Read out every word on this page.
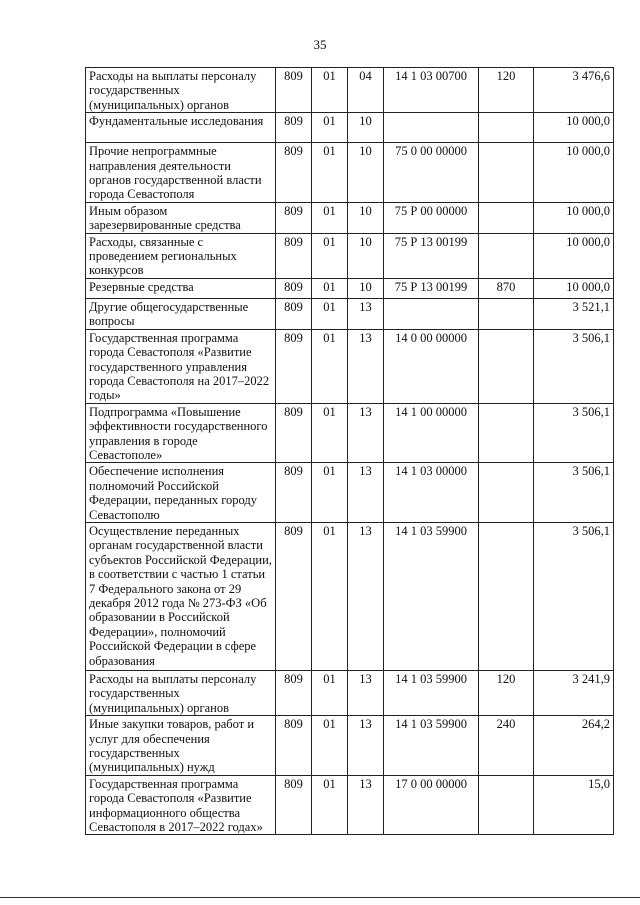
35
Расходы на выплаты персоналу государственных (муниципальных) органов	809	01	04	14 1 03 00700	120	3 476,6
Фундаментальные исследования	809	01	10			10 000,0
Прочие непрограммные направления деятельности органов государственной власти города Севастополя	809	01	10	75 0 00 00000		10 000,0
Иным образом зарезервированные средства	809	01	10	75 Р 00 00000		10 000,0
Расходы, связанные с проведением региональных конкурсов	809	01	10	75 Р 13 00199		10 000,0
Резервные средства	809	01	10	75 Р 13 00199	870	10 000,0
Другие общегосударственные вопросы	809	01	13			3 521,1
Государственная программа города Севастополя «Развитие государственного управления города Севастополя на 2017–2022 годы»	809	01	13	14 0 00 00000		3 506,1
Подпрограмма «Повышение эффективности государственного управления в городе Севастополе»	809	01	13	14 1 00 00000		3 506,1
Обеспечение исполнения полномочий Российской Федерации, переданных городу Севастополю	809	01	13	14 1 03 00000		3 506,1
Осуществление переданных органам государственной власти субъектов Российской Федерации, в соответствии с частью 1 статьи 7 Федерального закона от 29 декабря 2012 года № 273-ФЗ «Об образовании в Российской Федерации», полномочий Российской Федерации в сфере образования	809	01	13	14 1 03 59900		3 506,1
Расходы на выплаты персоналу государственных (муниципальных) органов	809	01	13	14 1 03 59900	120	3 241,9
Иные закупки товаров, работ и услуг для обеспечения государственных (муниципальных) нужд	809	01	13	14 1 03 59900	240	264,2
Государственная программа города Севастополя «Развитие информационного общества Севастополя в 2017–2022 годах»	809	01	13	17 0 00 00000		15,0
